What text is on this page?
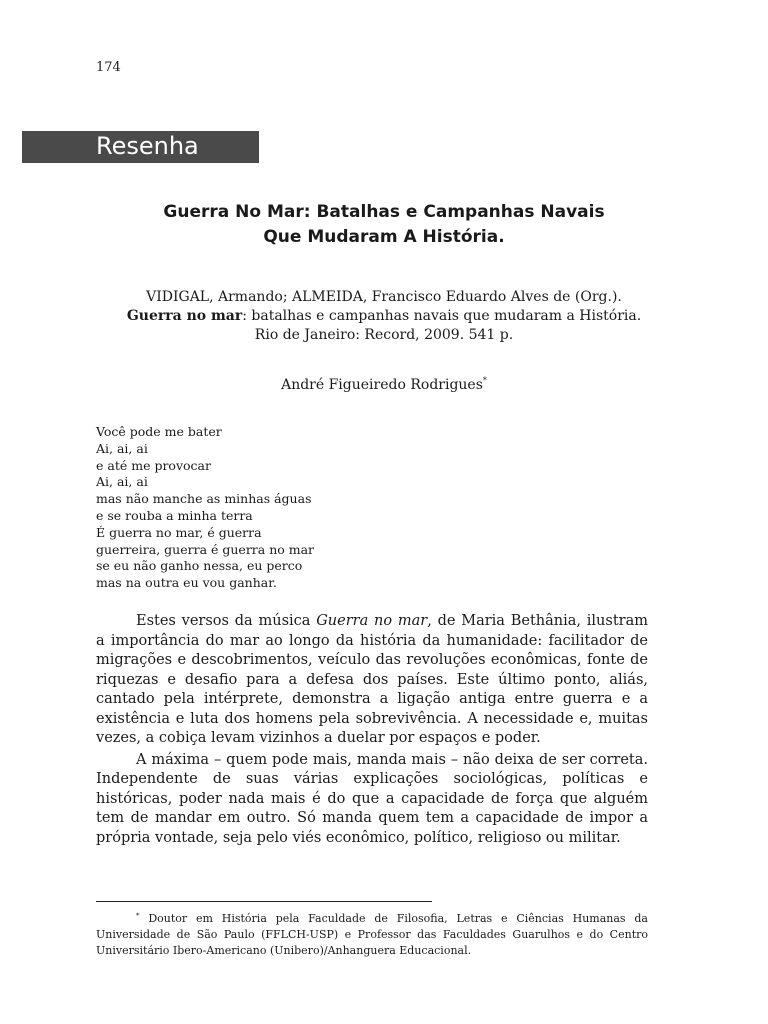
174
Resenha
Guerra No Mar: Batalhas e Campanhas Navais
Que Mudaram A História.
VIDIGAL, Armando; ALMEIDA, Francisco Eduardo Alves de (Org.).
Guerra no mar: batalhas e campanhas navais que mudaram a História.
Rio de Janeiro: Record, 2009. 541 p.
André Figueiredo Rodrigues*
Você pode me bater
Ai, ai, ai
e até me provocar
Ai, ai, ai
mas não manche as minhas águas
e se rouba a minha terra
É guerra no mar, é guerra
guerreira, guerra é guerra no mar
se eu não ganho nessa, eu perco
mas na outra eu vou ganhar.

Estes versos da música Guerra no mar, de Maria Bethânia, ilustram a importância do mar ao longo da história da humanidade: facilitador de migrações e descobrimentos, veículo das revoluções econômicas, fonte de riquezas e desafio para a defesa dos países. Este último ponto, aliás, cantado pela intérprete, demonstra a ligação antiga entre guerra e a existência e luta dos homens pela sobrevivência. A necessidade e, muitas vezes, a cobiça levam vizinhos a duelar por espaços e poder.

A máxima – quem pode mais, manda mais – não deixa de ser correta. Independente de suas várias explicações sociológicas, políticas e históricas, poder nada mais é do que a capacidade de força que alguém tem de mandar em outro. Só manda quem tem a capacidade de impor a própria vontade, seja pelo viés econômico, político, religioso ou militar.

* Doutor em História pela Faculdade de Filosofia, Letras e Ciências Humanas da Universidade de São Paulo (FFLCH-USP) e Professor das Faculdades Guarulhos e do Centro Universitário Ibero-Americano (Unibero)/Anhanguera Educacional.
